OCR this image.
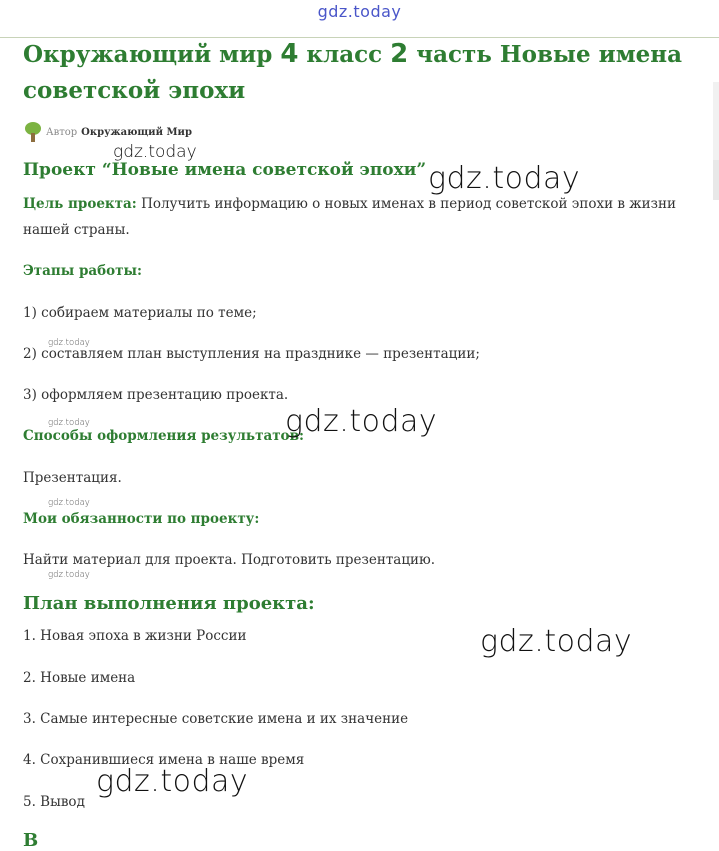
gdz.today
Окружающий мир 4 класс 2 часть Новые имена советской эпохи
Автор Окружающий Мир
Проект “Новые имена советской эпохи”

Цель проекта: Получить информацию о новых именах в период советской эпохи в жизни нашей страны.

Этапы работы:

1) собираем материалы по теме;

2) составляем план выступления на празднике — презентации;

3) оформляем презентацию проекта.

Способы оформления результатов:

Презентация.

Мои обязанности по проекту:

Найти материал для проекта. Подготовить презентацию.

План выполнения проекта:

1. Новая эпоха в жизни России

2. Новые имена

3. Самые интересные советские имена и их значение

4. Сохранившиеся имена в наше время

5. Вывод

В
gdz.today
gdz.today
gdz.today
gdz.today	gdz.today
gdz.today
gdz.today
gdz.today
gdz.today
